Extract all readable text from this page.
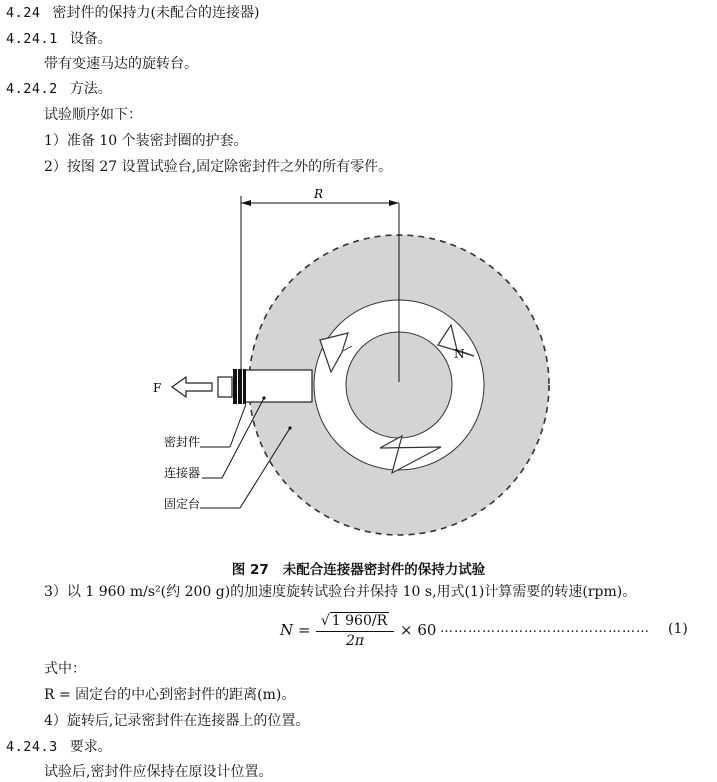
4.24 密封件的保持力(未配合的连接器)
4.24.1 设备。
带有变速马达的旋转台。
4.24.2 方法。
试验顺序如下：
1）准备 10 个装密封圈的护套。
2）按图 27 设置试验台,固定除密封件之外的所有零件。
R
N
F
密封件
连接器
固定台
图 27 未配合连接器密封件的保持力试验
3）以 1 960 m/s²(约 200 g)的加速度旋转试验台并保持 10 s,用式(1)计算需要的转速(rpm)。
N = √ 1 960/R
2π
× 60 ……………………………………… (1)
式中：
R = 固定台的中心到密封件的距离(m)。
4）旋转后,记录密封件在连接器上的位置。
4.24.3 要求。
试验后,密封件应保持在原设计位置。
